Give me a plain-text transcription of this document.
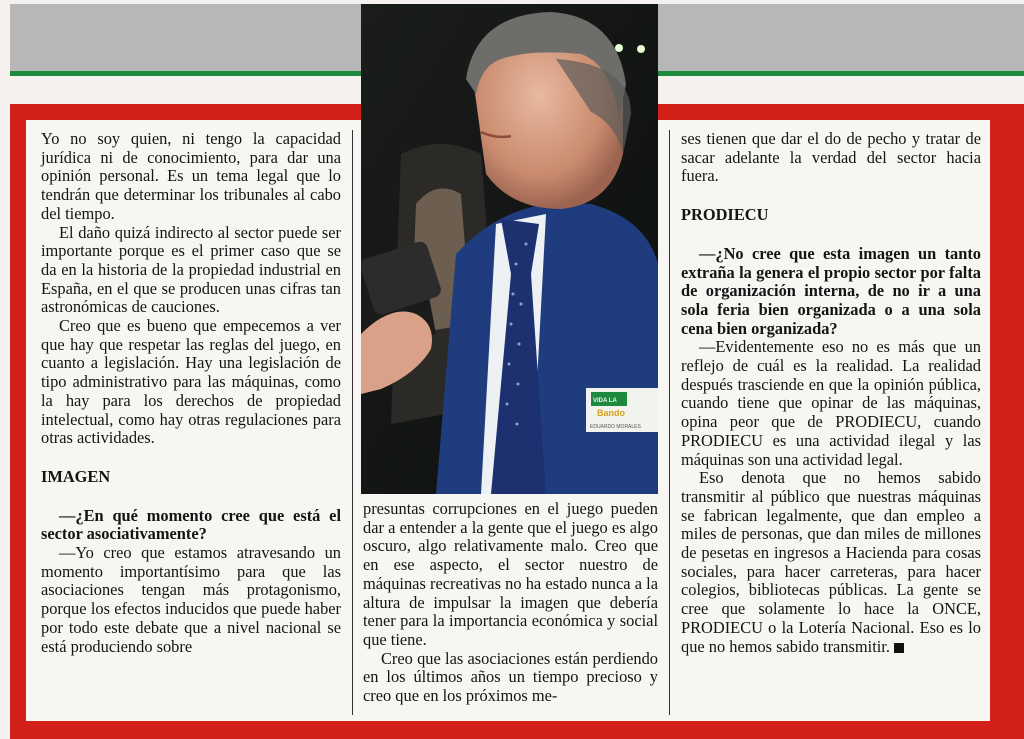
Yo no soy quien, ni tengo la capacidad jurídica ni de conocimiento, para dar una opinión personal. Es un tema legal que lo tendrán que determinar los tribunales al cabo del tiempo.

El daño quizá indirecto al sector puede ser importante porque es el primer caso que se da en la historia de la propiedad industrial en España, en el que se producen unas cifras tan astronómicas de cauciones.

Creo que es bueno que empecemos a ver que hay que respetar las reglas del juego, en cuanto a legislación. Hay una legislación de tipo administrativo para las máquinas, como la hay para los derechos de propiedad intelectual, como hay otras regulaciones para otras actividades.

IMAGEN

—¿En qué momento cree que está el sector asociativamente?

—Yo creo que estamos atravesando un momento importantísimo para que las asociaciones tengan más protagonismo, porque los efectos inducidos que puede haber por todo este debate que a nivel nacional se está produciendo sobre

VIDA LA
Bando
EDUARDO MORALES

presuntas corrupciones en el juego pueden dar a entender a la gente que el juego es algo oscuro, algo relativamente malo. Creo que en ese aspecto, el sector nuestro de máquinas recreativas no ha estado nunca a la altura de impulsar la imagen que debería tener para la importancia económica y social que tiene.

Creo que las asociaciones están perdiendo en los últimos años un tiempo precioso y creo que en los próximos me-

ses tienen que dar el do de pecho y tratar de sacar adelante la verdad del sector hacia fuera.

PRODIECU

—¿No cree que esta imagen un tanto extraña la genera el propio sector por falta de organización interna, de no ir a una sola feria bien organizada o a una sola cena bien organizada?

—Evidentemente eso no es más que un reflejo de cuál es la realidad. La realidad después trasciende en que la opinión pública, cuando tiene que opinar de las máquinas, opina peor que de PRODIECU, cuando PRODIECU es una actividad ilegal y las máquinas son una actividad legal.

Eso denota que no hemos sabido transmitir al público que nuestras máquinas se fabrican legalmente, que dan empleo a miles de personas, que dan miles de millones de pesetas en ingresos a Hacienda para cosas sociales, para hacer carreteras, para hacer colegios, bibliotecas públicas. La gente se cree que solamente lo hace la ONCE, PRODIECU o la Lotería Nacional. Eso es lo que no hemos sabido transmitir.
